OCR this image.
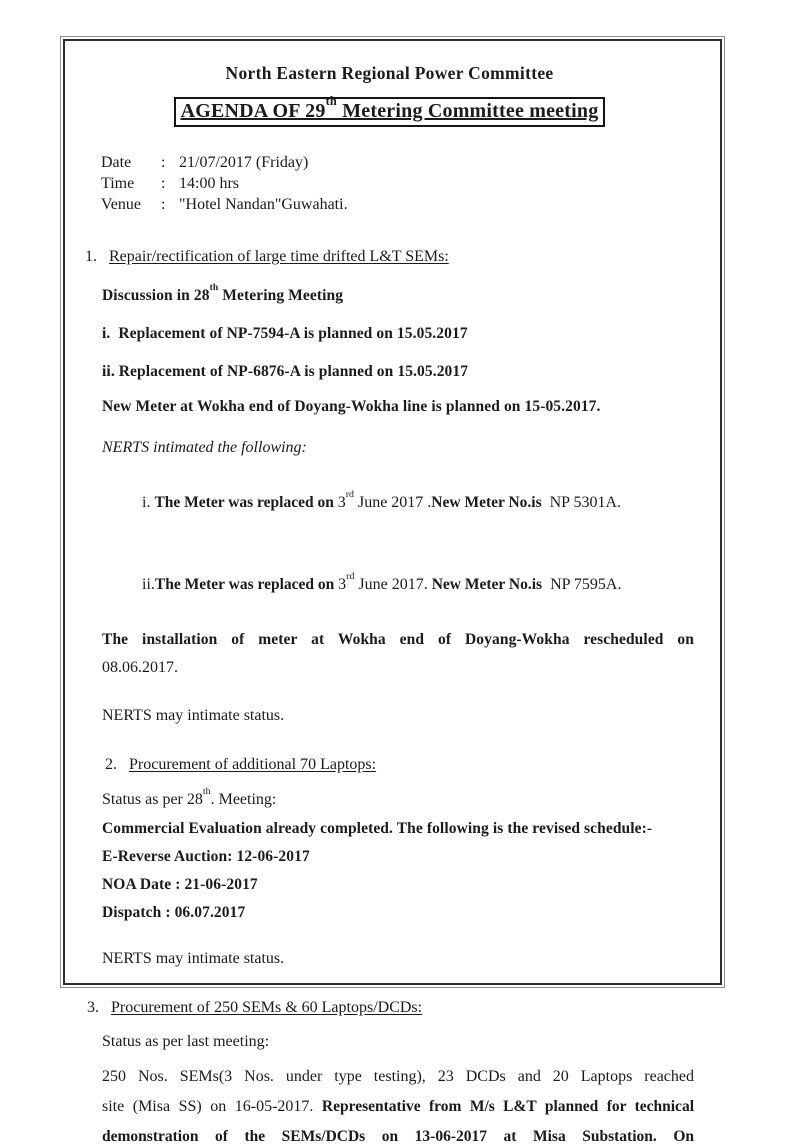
North Eastern Regional Power Committee
AGENDA OF 29th Metering Committee meeting
Date	: 21/07/2017 (Friday)
Time	: 14:00 hrs
Venue	: "Hotel Nandan"Guwahati.
1. Repair/rectification of large time drifted L&T SEMs:
Discussion in 28th Metering Meeting
i.  Replacement of NP-7594-A is planned on 15.05.2017
ii. Replacement of NP-6876-A is planned on 15.05.2017
New Meter at Wokha end of Doyang-Wokha line is planned on 15-05.2017.
NERTS intimated the following:

i. The Meter was replaced on 3rd June 2017 .New Meter No.is  NP 5301A.

ii.The Meter was replaced on 3rd June 2017. New Meter No.is  NP 7595A.

The installation of meter at Wokha end of Doyang-Wokha rescheduled on
08.06.2017.
NERTS may intimate status.
2. Procurement of additional 70 Laptops:
Status as per 28th. Meeting:
Commercial Evaluation already completed. The following is the revised schedule:-
E-Reverse Auction: 12-06-2017
NOA Date : 21-06-2017
Dispatch : 06.07.2017
NERTS may intimate status.
3. Procurement of 250 SEMs & 60 Laptops/DCDs:
Status as per last meeting:
250 Nos. SEMs(3 Nos. under type testing), 23 DCDs and 20 Laptops reached
site (Misa SS) on 16-05-2017. Representative from M/s L&T planned for technical
demonstration of the SEMs/DCDs on 13-06-2017 at Misa Substation. On
